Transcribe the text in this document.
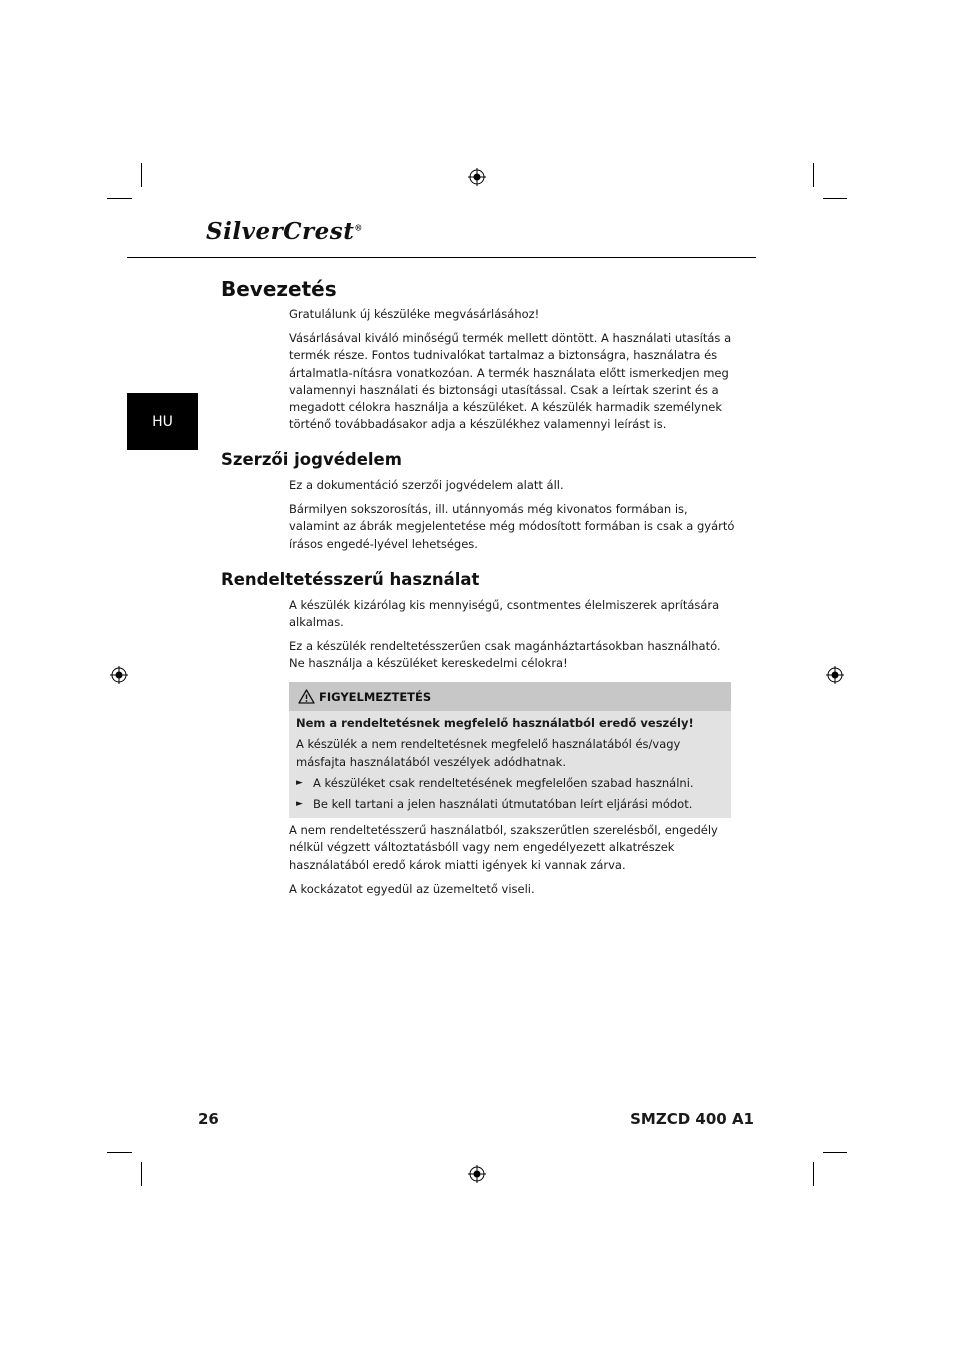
SilverCrest®
HU
Bevezetés

Gratulálunk új készüléke megvásárlásához!

Vásárlásával kiváló minőségű termék mellett döntött. A használati utasítás a termék része. Fontos tudnivalókat tartalmaz a biztonságra, használatra és ártalmatla-nításra vonatkozóan. A termék használata előtt ismerkedjen meg valamennyi használati és biztonsági utasítással. Csak a leírtak szerint és a megadott célokra használja a készüléket. A készülék harmadik személynek történő továbbadásakor adja a készülékhez valamennyi leírást is.

Szerzői jogvédelem

Ez a dokumentáció szerzői jogvédelem alatt áll.

Bármilyen sokszorosítás, ill. utánnyomás még kivonatos formában is, valamint az ábrák megjelentetése még módosított formában is csak a gyártó írásos engedé-lyével lehetséges.

Rendeltetésszerű használat

A készülék kizárólag kis mennyiségű, csontmentes élelmiszerek aprítására alkalmas.

Ez a készülék rendeltetésszerűen csak magánháztartásokban használható.
Ne használja a készüléket kereskedelmi célokra!

FIGYELMEZTETÉS

Nem a rendeltetésnek megfelelő használatból eredő veszély!

A készülék a nem rendeltetésnek megfelelő használatából és/vagy másfajta használatából veszélyek adódhatnak.

► A készüléket csak rendeltetésének megfelelően szabad használni.
► Be kell tartani a jelen használati útmutatóban leírt eljárási módot.

A nem rendeltetésszerű használatból, szakszerűtlen szerelésből, engedély nélkül végzett változtatásbóll vagy nem engedélyezett alkatrészek használatából eredő károk miatti igények ki vannak zárva.

A kockázatot egyedül az üzemeltető viseli.

26	SMZCD 400 A1
